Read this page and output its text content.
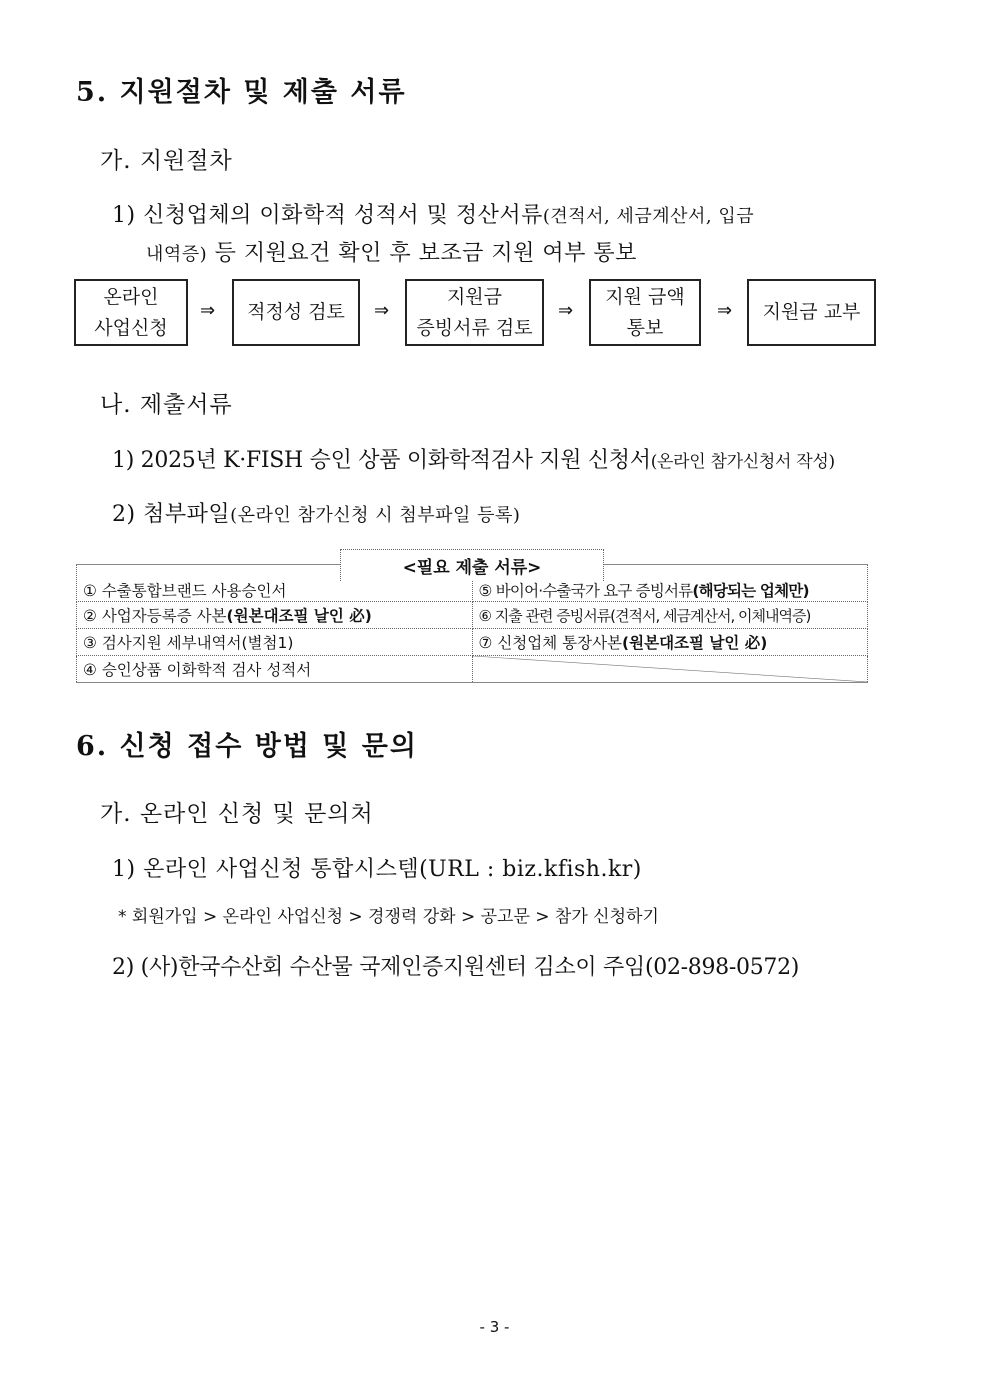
5. 지원절차 및 제출 서류
가. 지원절차
1) 신청업체의 이화학적 성적서 및 정산서류(견적서, 세금계산서, 입금
내역증) 등 지원요건 확인 후 보조금 지원 여부 통보
온라인
사업신청
⇒ 적정성 검토 ⇒
지원금
증빙서류 검토
⇒
지원 금액
통보
⇒ 지원금 교부
나. 제출서류
1) 2025년 K·FISH 승인 상품 이화학적검사 지원 신청서(온라인 참가신청서 작성)
2) 첨부파일(온라인 참가신청 시 첨부파일 등록)
① 수출통합브랜드 사용승인서	⑤ 바이어·수출국가 요구 증빙서류(해당되는 업체만)
② 사업자등록증 사본(원본대조필 날인 必)	⑥ 지출 관련 증빙서류(견적서, 세금계산서, 이체내역증)
③ 검사지원 세부내역서(별첨1)	⑦ 신청업체 통장사본(원본대조필 날인 必)
④ 승인상품 이화학적 검사 성적서	
<필요 제출 서류>
6. 신청 접수 방법 및 문의
가. 온라인 신청 및 문의처
1) 온라인 사업신청 통합시스템(URL : biz.kfish.kr)
* 회원가입 > 온라인 사업신청 > 경쟁력 강화 > 공고문 > 참가 신청하기
2) (사)한국수산회 수산물 국제인증지원센터 김소이 주임(02-898-0572)
- 3 -
